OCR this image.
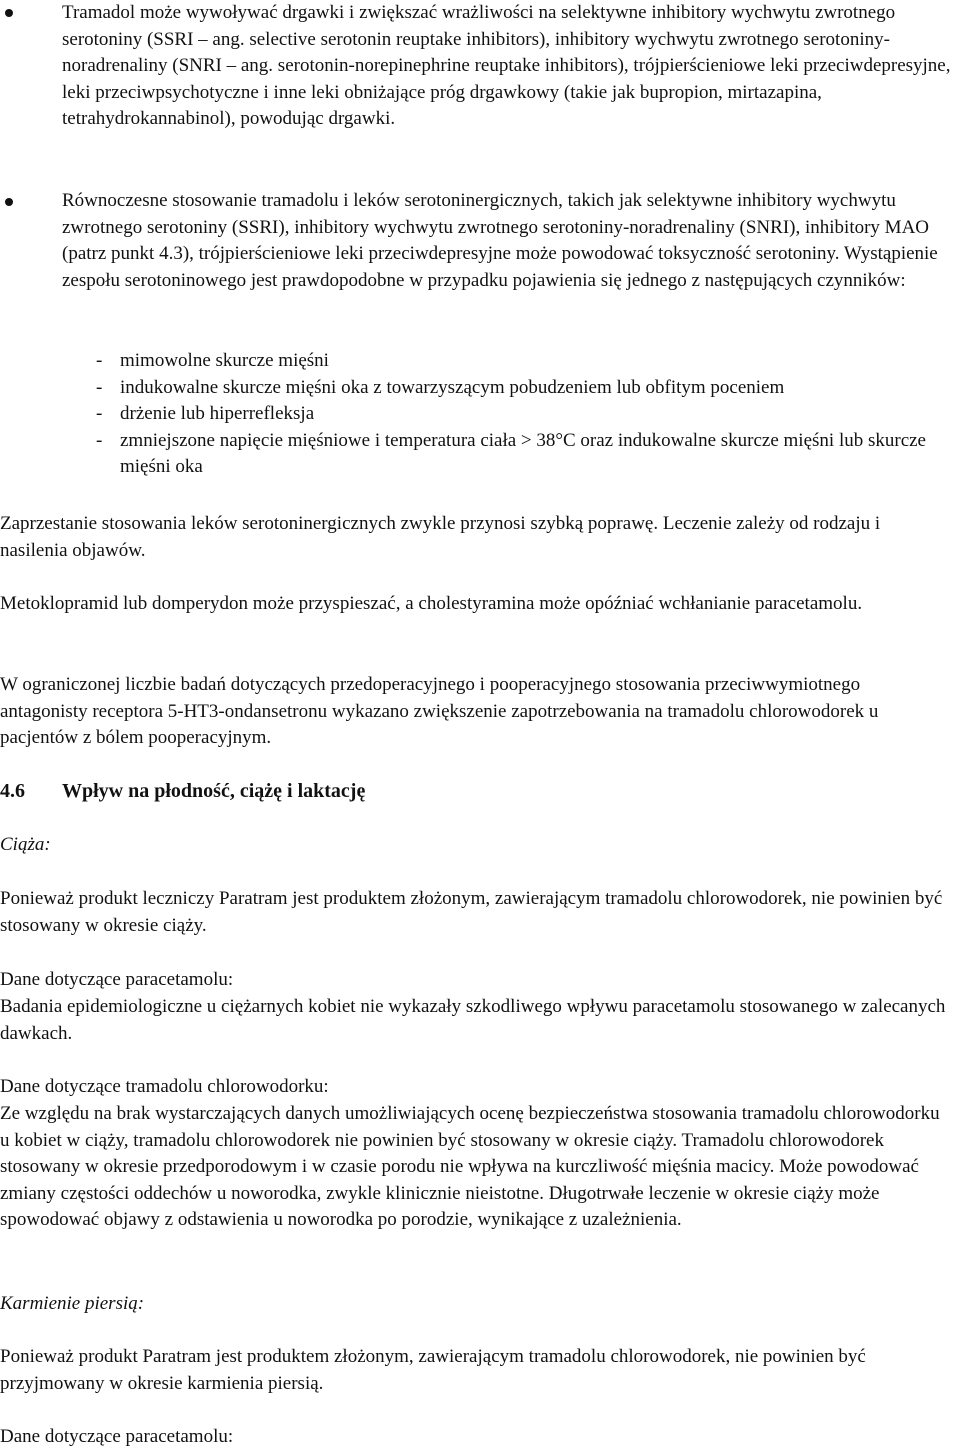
Tramadol może wywoływać drgawki i zwiększać wrażliwości na selektywne inhibitory wychwytu zwrotnego serotoniny (SSRI – ang. selective serotonin reuptake inhibitors), inhibitory wychwytu zwrotnego serotoniny-noradrenaliny (SNRI – ang. serotonin-norepinephrine reuptake inhibitors), trójpierścieniowe leki przeciwdepresyjne, leki przeciwpsychotyczne i inne leki obniżające próg drgawkowy (takie jak bupropion, mirtazapina, tetrahydrokannabinol), powodując drgawki.

Równoczesne stosowanie tramadolu i leków serotoninergicznych, takich jak selektywne inhibitory wychwytu zwrotnego serotoniny (SSRI), inhibitory wychwytu zwrotnego serotoniny-noradrenaliny (SNRI), inhibitory MAO (patrz punkt 4.3), trójpierścieniowe leki przeciwdepresyjne może powodować toksyczność serotoniny. Wystąpienie zespołu serotoninowego jest prawdopodobne w przypadku pojawienia się jednego z następujących czynników:

- mimowolne skurcze mięśni
- indukowalne skurcze mięśni oka z towarzyszącym pobudzeniem lub obfitym poceniem
- drżenie lub hiperrefleksja
- zmniejszone napięcie mięśniowe i temperatura ciała > 38°C oraz indukowalne skurcze mięśni lub skurcze mięśni oka

Zaprzestanie stosowania leków serotoninergicznych zwykle przynosi szybką poprawę. Leczenie zależy od rodzaju i nasilenia objawów.

Metoklopramid lub domperydon może przyspieszać, a cholestyramina może opóźniać wchłanianie paracetamolu.

W ograniczonej liczbie badań dotyczących przedoperacyjnego i pooperacyjnego stosowania przeciwwymiotnego antagonisty receptora 5-HT3-ondansetronu wykazano zwiększenie zapotrzebowania na tramadolu chlorowodorek u pacjentów z bólem pooperacyjnym.

4.6 Wpływ na płodność, ciążę i laktację

Ciąża:

Ponieważ produkt leczniczy Paratram jest produktem złożonym, zawierającym tramadolu chlorowodorek, nie powinien być stosowany w okresie ciąży.

Dane dotyczące paracetamolu:

Badania epidemiologiczne u ciężarnych kobiet nie wykazały szkodliwego wpływu paracetamolu stosowanego w zalecanych dawkach.

Dane dotyczące tramadolu chlorowodorku:

Ze względu na brak wystarczających danych umożliwiających ocenę bezpieczeństwa stosowania tramadolu chlorowodorku u kobiet w ciąży, tramadolu chlorowodorek nie powinien być stosowany w okresie ciąży. Tramadolu chlorowodorek stosowany w okresie przedporodowym i w czasie porodu nie wpływa na kurczliwość mięśnia macicy. Może powodować zmiany częstości oddechów u noworodka, zwykle klinicznie nieistotne. Długotrwałe leczenie w okresie ciąży może spowodować objawy z odstawienia u noworodka po porodzie, wynikające z uzależnienia.

Karmienie piersią:

Ponieważ produkt Paratram jest produktem złożonym, zawierającym tramadolu chlorowodorek, nie powinien być przyjmowany w okresie karmienia piersią.

Dane dotyczące paracetamolu:
